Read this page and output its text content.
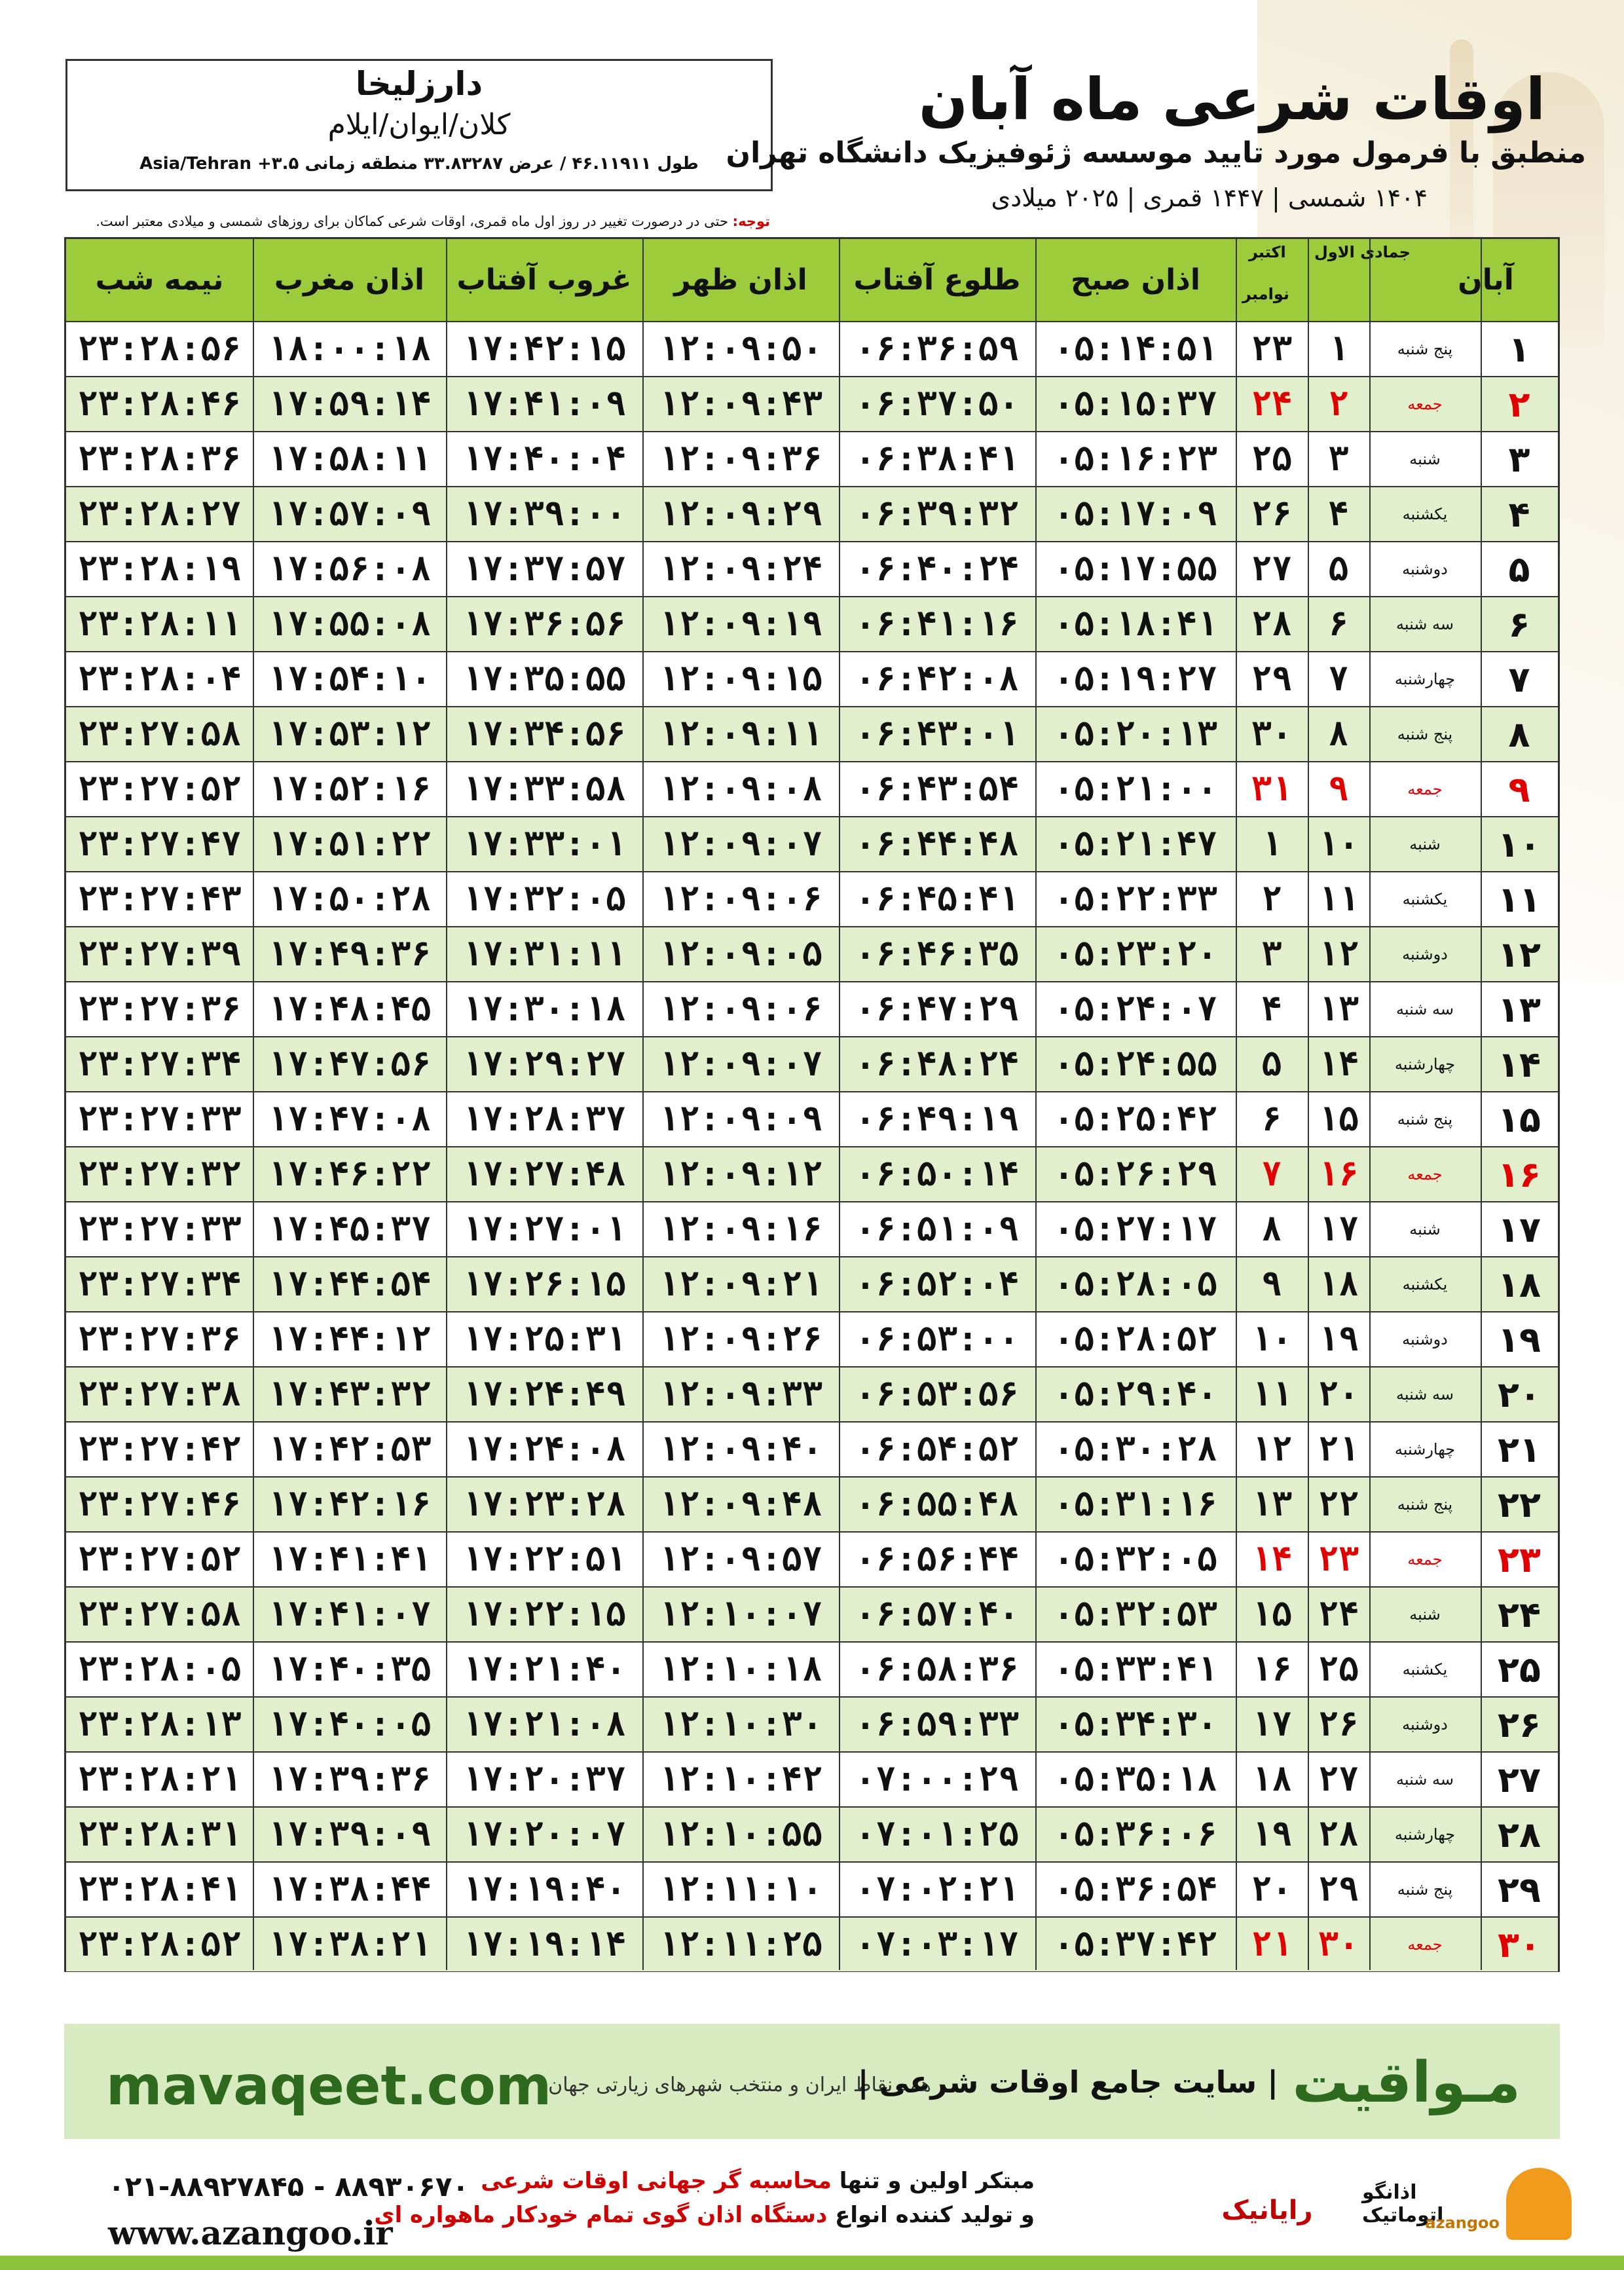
دارزلیخا
کلان/ایوان/ایلام
طول ۴۶.۱۱۹۱۱ / عرض ۳۳.۸۳۲۸۷ منطقه زمانی ۳.۵+ Asia/Tehran
اوقات شرعی ماه آبان
منطبق با فرمول مورد تایید موسسه ژئوفیزیک دانشگاه تهران
۱۴۰۴ شمسی | ۱۴۴۷ قمری | ۲۰۲۵ میلادی
توجه: حتی در درصورت تغییر در روز اول ماه قمری، اوقات شرعی کماکان برای روزهای شمسی و میلادی معتبر است.
آبان
جمادی الاول
اکتبر
نوامبر
اذان صبح
طلوع آفتاب
اذان ظهر
غروب آفتاب
اذان مغرب
نیمه شب
۲۳:۲۸:۵۶ ۱۸:۰۰:۱۸ ۱۷:۴۲:۱۵ ۱۲:۰۹:۵۰ ۰۶:۳۶:۵۹	۰۵:۱۴:۵۱ ۲۳	۱	پنج شنبه	۱
۲۳:۲۸:۴۶ ۱۷:۵۹:۱۴ ۱۷:۴۱:۰۹ ۱۲:۰۹:۴۳ ۰۶:۳۷:۵۰	۰۵:۱۵:۳۷ ۲۴	۲	جمعه	۲
۲۳:۲۸:۳۶ ۱۷:۵۸:۱۱ ۱۷:۴۰:۰۴ ۱۲:۰۹:۳۶ ۰۶:۳۸:۴۱	۰۵:۱۶:۲۳ ۲۵	۳	شنبه	۳
۲۳:۲۸:۲۷ ۱۷:۵۷:۰۹ ۱۷:۳۹:۰۰ ۱۲:۰۹:۲۹ ۰۶:۳۹:۳۲	۰۵:۱۷:۰۹ ۲۶	۴	یکشنبه	۴
۲۳:۲۸:۱۹ ۱۷:۵۶:۰۸ ۱۷:۳۷:۵۷ ۱۲:۰۹:۲۴ ۰۶:۴۰:۲۴	۰۵:۱۷:۵۵ ۲۷	۵	دوشنبه	۵
۲۳:۲۸:۱۱ ۱۷:۵۵:۰۸ ۱۷:۳۶:۵۶ ۱۲:۰۹:۱۹ ۰۶:۴۱:۱۶	۰۵:۱۸:۴۱ ۲۸	۶	سه شنبه	۶
۲۳:۲۸:۰۴ ۱۷:۵۴:۱۰ ۱۷:۳۵:۵۵ ۱۲:۰۹:۱۵ ۰۶:۴۲:۰۸	۰۵:۱۹:۲۷ ۲۹	۷	چهارشنبه	۷
۲۳:۲۷:۵۸ ۱۷:۵۳:۱۲ ۱۷:۳۴:۵۶ ۱۲:۰۹:۱۱ ۰۶:۴۳:۰۱	۰۵:۲۰:۱۳ ۳۰	۸	پنج شنبه	۸
۲۳:۲۷:۵۲ ۱۷:۵۲:۱۶ ۱۷:۳۳:۵۸ ۱۲:۰۹:۰۸ ۰۶:۴۳:۵۴	۰۵:۲۱:۰۰ ۳۱	۹	جمعه	۹
۲۳:۲۷:۴۷ ۱۷:۵۱:۲۲ ۱۷:۳۳:۰۱ ۱۲:۰۹:۰۷ ۰۶:۴۴:۴۸	۰۵:۲۱:۴۷	۱	۱۰	شنبه	۱۰
۲۳:۲۷:۴۳ ۱۷:۵۰:۲۸ ۱۷:۳۲:۰۵ ۱۲:۰۹:۰۶ ۰۶:۴۵:۴۱	۰۵:۲۲:۳۳	۲	۱۱	یکشنبه	۱۱
۲۳:۲۷:۳۹ ۱۷:۴۹:۳۶ ۱۷:۳۱:۱۱ ۱۲:۰۹:۰۵ ۰۶:۴۶:۳۵	۰۵:۲۳:۲۰	۳	۱۲	دوشنبه	۱۲
۲۳:۲۷:۳۶ ۱۷:۴۸:۴۵ ۱۷:۳۰:۱۸ ۱۲:۰۹:۰۶ ۰۶:۴۷:۲۹	۰۵:۲۴:۰۷	۴	۱۳	سه شنبه	۱۳
۲۳:۲۷:۳۴ ۱۷:۴۷:۵۶ ۱۷:۲۹:۲۷ ۱۲:۰۹:۰۷ ۰۶:۴۸:۲۴	۰۵:۲۴:۵۵	۵	۱۴	چهارشنبه	۱۴
۲۳:۲۷:۳۳ ۱۷:۴۷:۰۸ ۱۷:۲۸:۳۷ ۱۲:۰۹:۰۹ ۰۶:۴۹:۱۹	۰۵:۲۵:۴۲	۶	۱۵	پنج شنبه	۱۵
۲۳:۲۷:۳۲ ۱۷:۴۶:۲۲ ۱۷:۲۷:۴۸ ۱۲:۰۹:۱۲ ۰۶:۵۰:۱۴	۰۵:۲۶:۲۹	۷	۱۶	جمعه	۱۶
۲۳:۲۷:۳۳ ۱۷:۴۵:۳۷ ۱۷:۲۷:۰۱ ۱۲:۰۹:۱۶ ۰۶:۵۱:۰۹	۰۵:۲۷:۱۷	۸	۱۷	شنبه	۱۷
۲۳:۲۷:۳۴ ۱۷:۴۴:۵۴ ۱۷:۲۶:۱۵ ۱۲:۰۹:۲۱ ۰۶:۵۲:۰۴	۰۵:۲۸:۰۵	۹	۱۸	یکشنبه	۱۸
۲۳:۲۷:۳۶ ۱۷:۴۴:۱۲ ۱۷:۲۵:۳۱ ۱۲:۰۹:۲۶ ۰۶:۵۳:۰۰	۰۵:۲۸:۵۲ ۱۰ ۱۹	دوشنبه	۱۹
۲۳:۲۷:۳۸ ۱۷:۴۳:۳۲ ۱۷:۲۴:۴۹ ۱۲:۰۹:۳۳ ۰۶:۵۳:۵۶	۰۵:۲۹:۴۰ ۱۱ ۲۰	سه شنبه	۲۰
۲۳:۲۷:۴۲ ۱۷:۴۲:۵۳ ۱۷:۲۴:۰۸ ۱۲:۰۹:۴۰ ۰۶:۵۴:۵۲	۰۵:۳۰:۲۸ ۱۲ ۲۱	چهارشنبه	۲۱
۲۳:۲۷:۴۶ ۱۷:۴۲:۱۶ ۱۷:۲۳:۲۸ ۱۲:۰۹:۴۸ ۰۶:۵۵:۴۸	۰۵:۳۱:۱۶ ۱۳ ۲۲	پنج شنبه	۲۲
۲۳:۲۷:۵۲ ۱۷:۴۱:۴۱ ۱۷:۲۲:۵۱ ۱۲:۰۹:۵۷ ۰۶:۵۶:۴۴	۰۵:۳۲:۰۵ ۱۴ ۲۳	جمعه	۲۳
۲۳:۲۷:۵۸ ۱۷:۴۱:۰۷ ۱۷:۲۲:۱۵ ۱۲:۱۰:۰۷ ۰۶:۵۷:۴۰	۰۵:۳۲:۵۳ ۱۵ ۲۴	شنبه	۲۴
۲۳:۲۸:۰۵ ۱۷:۴۰:۳۵ ۱۷:۲۱:۴۰ ۱۲:۱۰:۱۸ ۰۶:۵۸:۳۶	۰۵:۳۳:۴۱ ۱۶ ۲۵	یکشنبه	۲۵
۲۳:۲۸:۱۳ ۱۷:۴۰:۰۵ ۱۷:۲۱:۰۸ ۱۲:۱۰:۳۰ ۰۶:۵۹:۳۳	۰۵:۳۴:۳۰ ۱۷ ۲۶	دوشنبه	۲۶
۲۳:۲۸:۲۱ ۱۷:۳۹:۳۶ ۱۷:۲۰:۳۷ ۱۲:۱۰:۴۲ ۰۷:۰۰:۲۹	۰۵:۳۵:۱۸ ۱۸ ۲۷	سه شنبه	۲۷
۲۳:۲۸:۳۱ ۱۷:۳۹:۰۹ ۱۷:۲۰:۰۷ ۱۲:۱۰:۵۵ ۰۷:۰۱:۲۵	۰۵:۳۶:۰۶ ۱۹ ۲۸	چهارشنبه	۲۸
۲۳:۲۸:۴۱ ۱۷:۳۸:۴۴ ۱۷:۱۹:۴۰ ۱۲:۱۱:۱۰ ۰۷:۰۲:۲۱	۰۵:۳۶:۵۴ ۲۰ ۲۹	پنج شنبه	۲۹
۲۳:۲۸:۵۲ ۱۷:۳۸:۲۱ ۱۷:۱۹:۱۴ ۱۲:۱۱:۲۵ ۰۷:۰۳:۱۷	۰۵:۳۷:۴۲ ۲۱ ۳۰	جمعه	۳۰
mavaqeet.com
همه نقاط ایران و منتخب شهرهای زیارتی جهان
| سایت جامع اوقات شرعی | مـواقیت
۰۲۱-۸۸۹۲۷۸۴۵ - ۸۸۹۳۰۶۷۰
www.azangoo.ir
مبتکر اولین و تنها محاسبه گر جهانی اوقات شرعی
و تولید کننده انواع دستگاه اذان گوی تمام خودکار ماهواره ای	رایانیک
اذانگو اتوماتیک
azangoo
